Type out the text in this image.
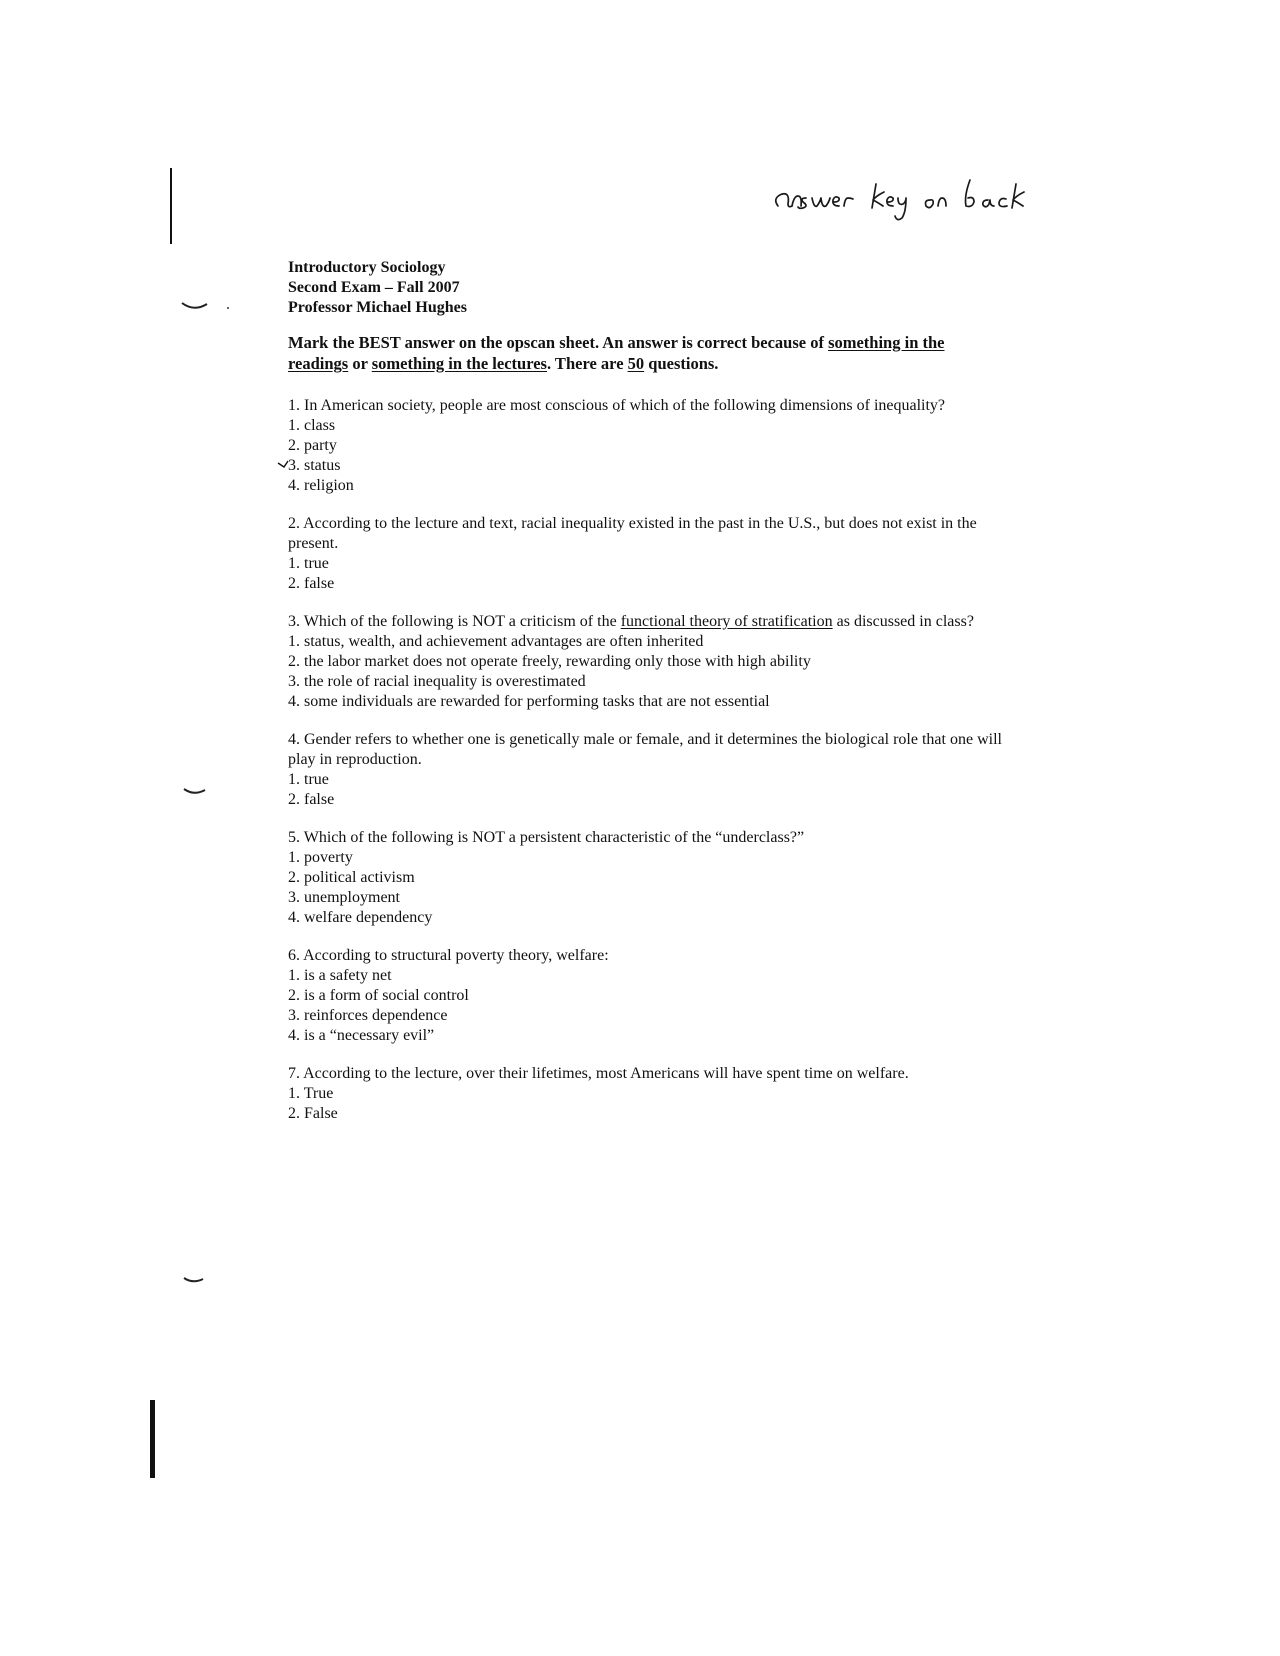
Introductory Sociology

Second Exam – Fall 2007

Professor Michael Hughes

Mark the BEST answer on the opscan sheet. An answer is correct because of something in the readings or something in the lectures. There are 50 questions.

1. In American society, people are most conscious of which of the following dimensions of inequality?

1. class
2. party
3. status
4. religion

2. According to the lecture and text, racial inequality existed in the past in the U.S., but does not exist in the present.

1. true
2. false

3. Which of the following is NOT a criticism of the functional theory of stratification as discussed in class?

1. status, wealth, and achievement advantages are often inherited
2. the labor market does not operate freely, rewarding only those with high ability
3. the role of racial inequality is overestimated
4. some individuals are rewarded for performing tasks that are not essential

4. Gender refers to whether one is genetically male or female, and it determines the biological role that one will play in reproduction.

1. true
2. false

5. Which of the following is NOT a persistent characteristic of the “underclass?”

1. poverty
2. political activism
3. unemployment
4. welfare dependency

6. According to structural poverty theory, welfare:

1. is a safety net
2. is a form of social control
3. reinforces dependence
4. is a “necessary evil”

7. According to the lecture, over their lifetimes, most Americans will have spent time on welfare.

1. True
2. False
